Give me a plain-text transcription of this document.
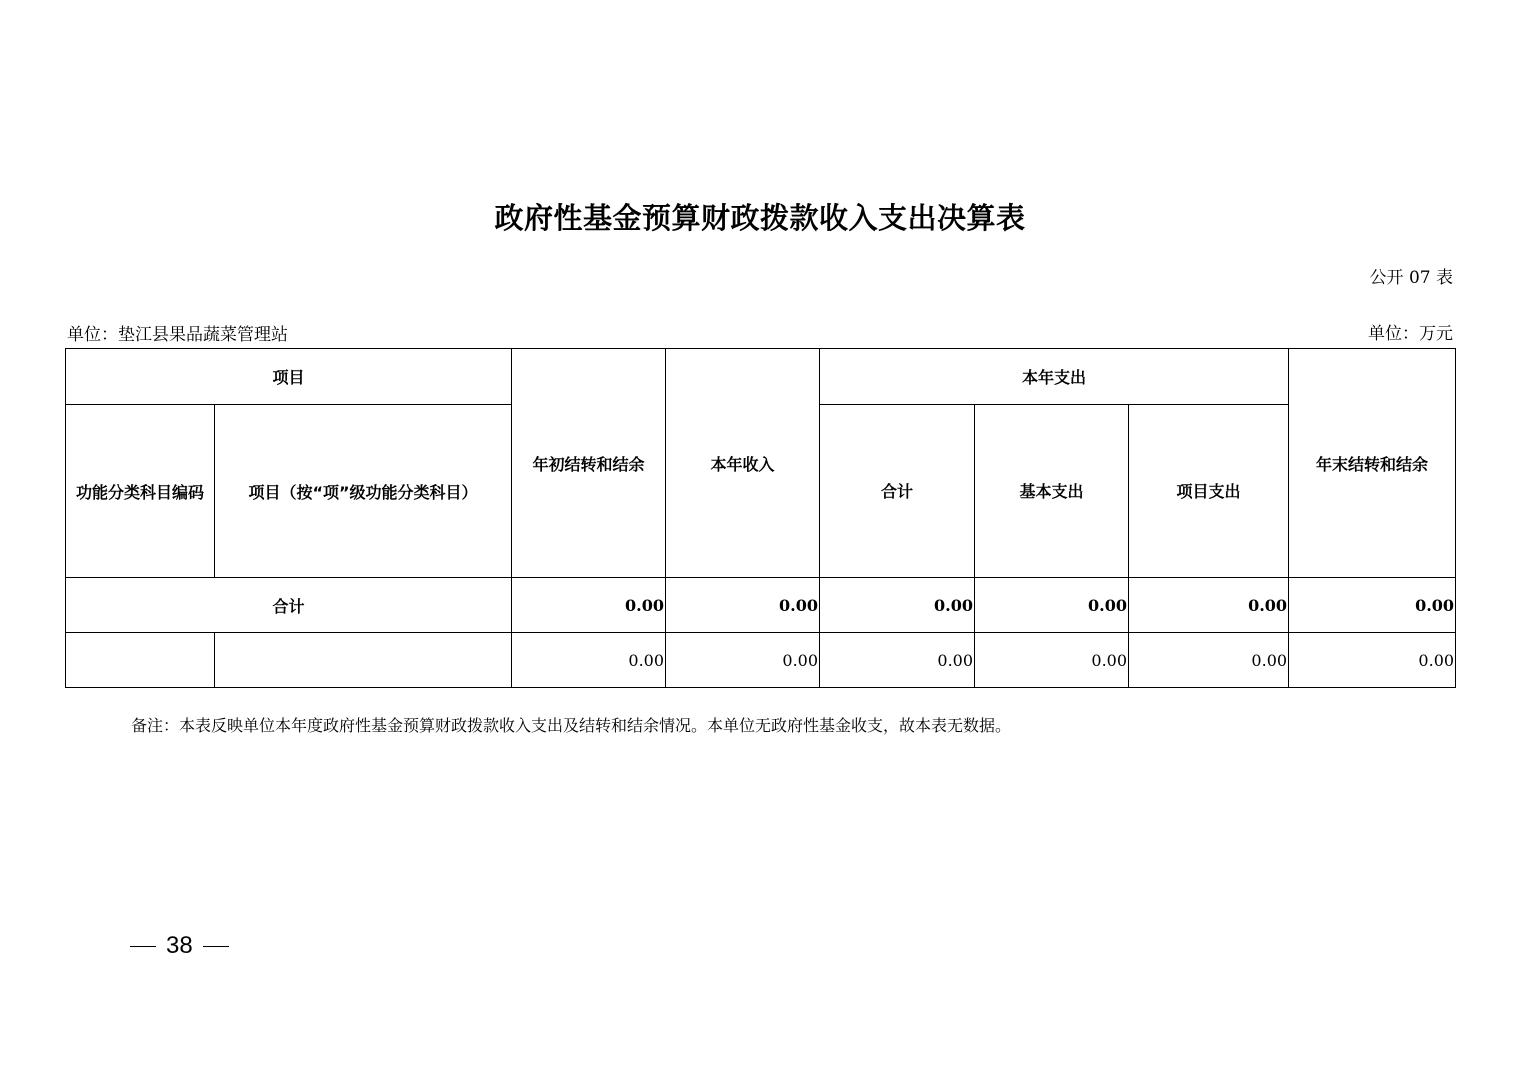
政府性基金预算财政拨款收入支出决算表
公开 07 表
单位：垫江县果品蔬菜管理站	单位：万元
项目		年初结转和结余	本年收入	本年支出			年末结转和结余
功能分类科目编码	项目（按“项”级功能分类科目）			合计	基本支出	项目支出	
合计		0.00	0.00	0.00	0.00	0.00	0.00
		0.00	0.00	0.00	0.00	0.00	0.00
备注：本表反映单位本年度政府性基金预算财政拨款收入支出及结转和结余情况。本单位无政府性基金收支，故本表无数据。
38
